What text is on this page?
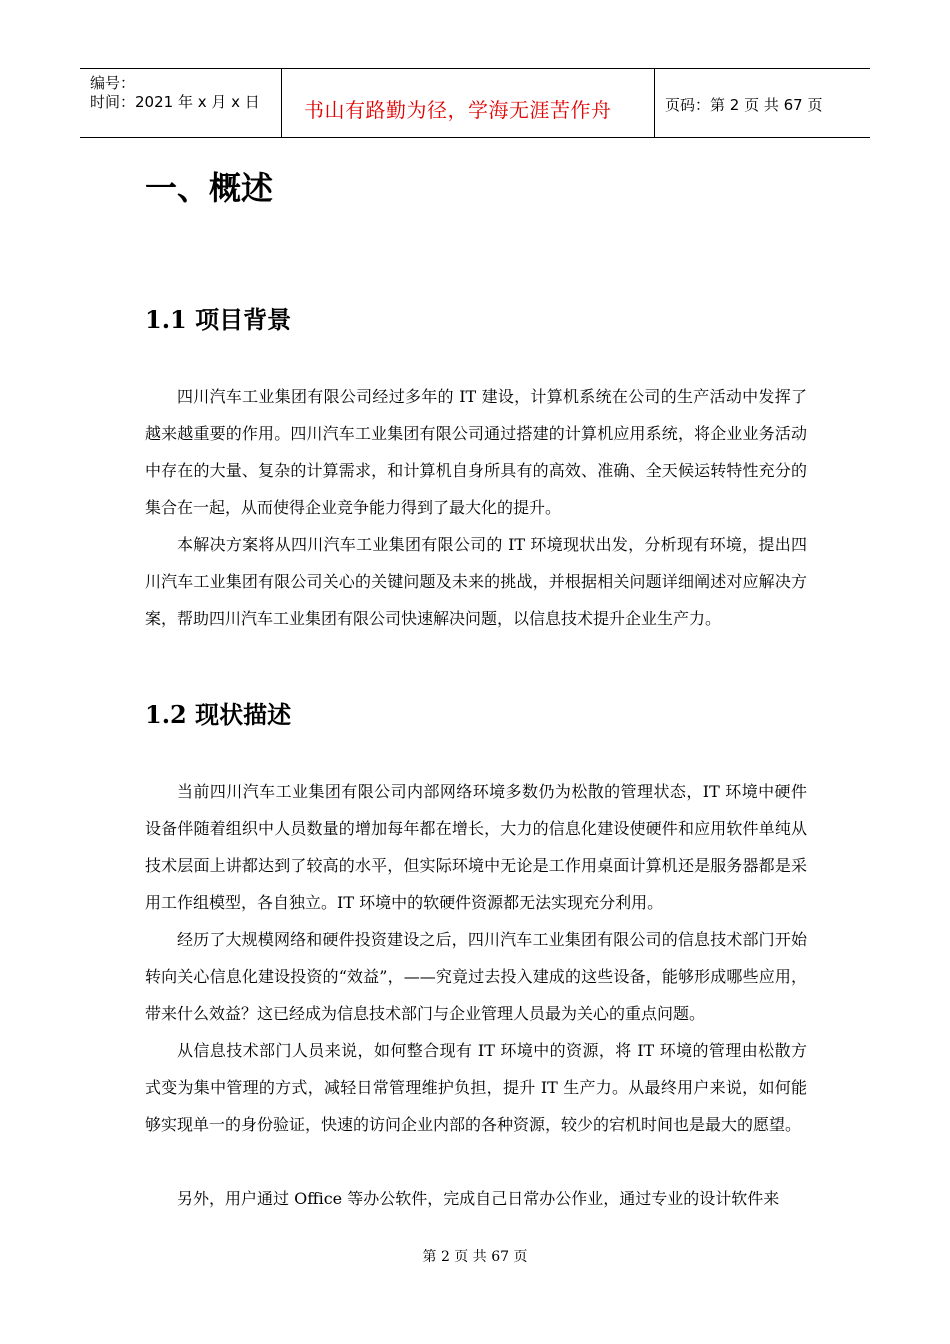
编号：
时间：2021 年 x 月 x 日 书山有路勤为径，学海无涯苦作舟	页码：第 2 页 共 67 页
一、概述
1.1 项目背景

四川汽车工业集团有限公司经过多年的 IT 建设，计算机系统在公司的生产活动中发挥了越来越重要的作用。四川汽车工业集团有限公司通过搭建的计算机应用系统，将企业业务活动中存在的大量、复杂的计算需求，和计算机自身所具有的高效、准确、全天候运转特性充分的集合在一起，从而使得企业竞争能力得到了最大化的提升。

本解决方案将从四川汽车工业集团有限公司的 IT 环境现状出发，分析现有环境，提出四川汽车工业集团有限公司关心的关键问题及未来的挑战，并根据相关问题详细阐述对应解决方案，帮助四川汽车工业集团有限公司快速解决问题，以信息技术提升企业生产力。

1.2 现状描述

当前四川汽车工业集团有限公司内部网络环境多数仍为松散的管理状态，IT 环境中硬件设备伴随着组织中人员数量的增加每年都在增长，大力的信息化建设使硬件和应用软件单纯从技术层面上讲都达到了较高的水平，但实际环境中无论是工作用桌面计算机还是服务器都是采用工作组模型，各自独立。IT 环境中的软硬件资源都无法实现充分利用。

经历了大规模网络和硬件投资建设之后，四川汽车工业集团有限公司的信息技术部门开始转向关心信息化建设投资的“效益”，——究竟过去投入建成的这些设备，能够形成哪些应用，带来什么效益？这已经成为信息技术部门与企业管理人员最为关心的重点问题。

从信息技术部门人员来说，如何整合现有 IT 环境中的资源，将 IT 环境的管理由松散方式变为集中管理的方式，减轻日常管理维护负担，提升 IT 生产力。从最终用户来说，如何能够实现单一的身份验证，快速的访问企业内部的各种资源，较少的宕机时间也是最大的愿望。

另外，用户通过 Office 等办公软件，完成自己日常办公作业，通过专业的设计软件来

第 2 页 共 67 页
